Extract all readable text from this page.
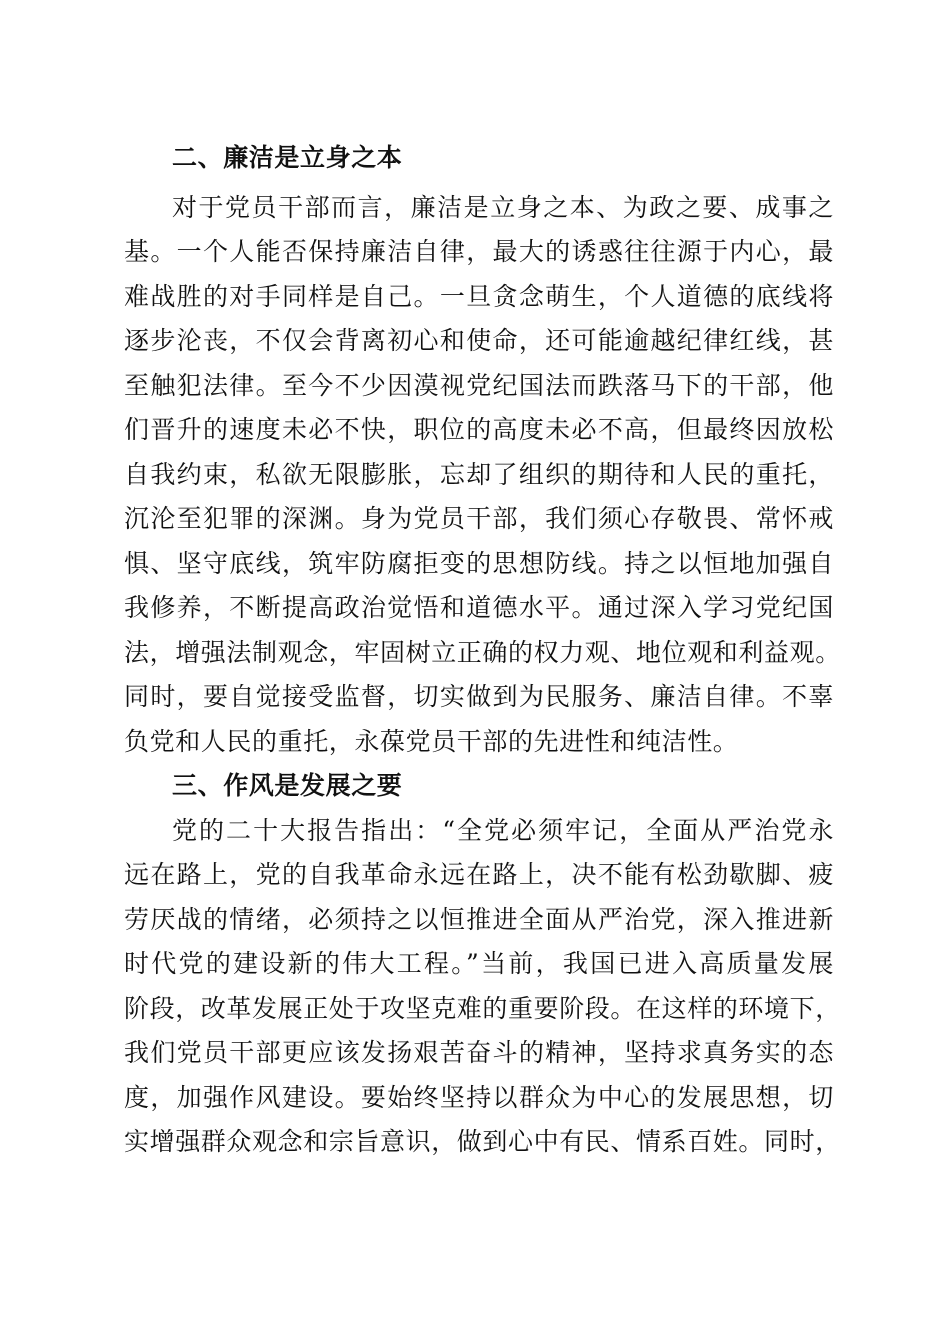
二、廉洁是立身之本
对于党员干部而言，廉洁是立身之本、为政之要、成事之
基。一个人能否保持廉洁自律，最大的诱惑往往源于内心，最
难战胜的对手同样是自己。一旦贪念萌生，个人道德的底线将
逐步沦丧，不仅会背离初心和使命，还可能逾越纪律红线，甚
至触犯法律。至今不少因漠视党纪国法而跌落马下的干部，他
们晋升的速度未必不快，职位的高度未必不高，但最终因放松
自我约束，私欲无限膨胀，忘却了组织的期待和人民的重托，
沉沦至犯罪的深渊。身为党员干部，我们须心存敬畏、常怀戒
惧、坚守底线，筑牢防腐拒变的思想防线。持之以恒地加强自
我修养，不断提高政治觉悟和道德水平。通过深入学习党纪国
法，增强法制观念，牢固树立正确的权力观、地位观和利益观。
同时，要自觉接受监督，切实做到为民服务、廉洁自律。不辜
负党和人民的重托，永葆党员干部的先进性和纯洁性。
三、作风是发展之要
党的二十大报告指出：“全党必须牢记，全面从严治党永
远在路上，党的自我革命永远在路上，决不能有松劲歇脚、疲
劳厌战的情绪，必须持之以恒推进全面从严治党，深入推进新
时代党的建设新的伟大工程。”当前，我国已进入高质量发展
阶段，改革发展正处于攻坚克难的重要阶段。在这样的环境下，
我们党员干部更应该发扬艰苦奋斗的精神，坚持求真务实的态
度，加强作风建设。要始终坚持以群众为中心的发展思想，切
实增强群众观念和宗旨意识，做到心中有民、情系百姓。同时，
